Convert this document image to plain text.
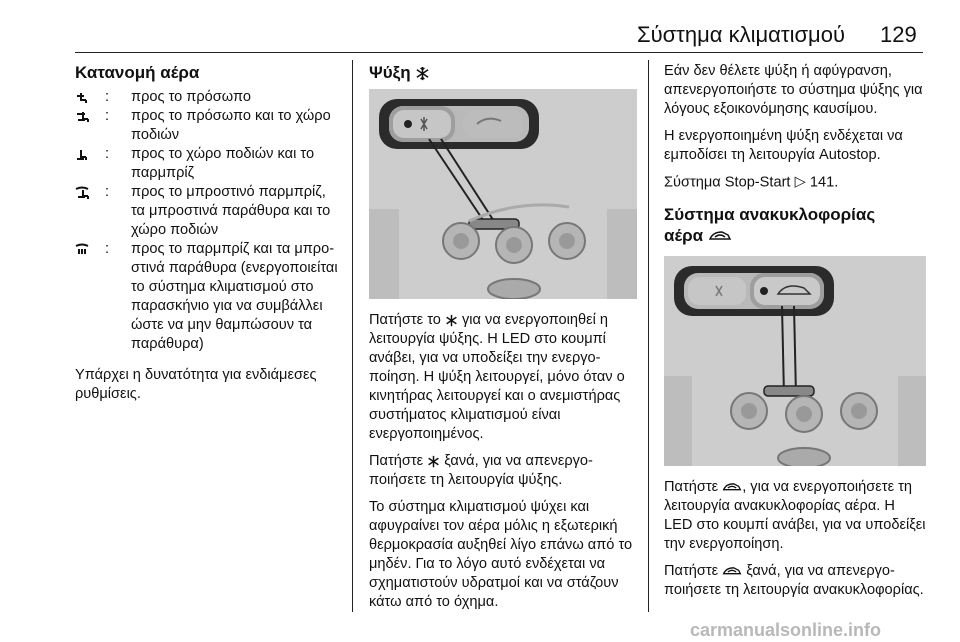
Σύστημα κλιματισμού 129
Κατανομή αέρα
: προς το πρόσωπο
: προς το πρόσωπο και το χώρο ποδιών
: προς το χώρο ποδιών και το παρμπρίζ
: προς το μπροστινό παρμπρίζ, τα μπροστινά παράθυρα και το χώρο ποδιών
: προς το παρμπρίζ και τα μπροστινά παράθυρα (ενεργοποιείται το σύστημα κλιματισμού στο παρασκήνιο για να συμβάλλει ώστε να μην θαμπώσουν τα παράθυρα)

Υπάρχει η δυνατότητα για ενδιάμεσες ρυθμίσεις.

Ψύξη

Πατήστε το για να ενεργοποιηθεί η λειτουργία ψύξης. Η LED στο κουμπί ανάβει, για να υποδείξει την ενεργοποίηση. Η ψύξη λειτουργεί, μόνο όταν ο κινητήρας λειτουργεί και ο ανεμιστήρας συστήματος κλιματισμού είναι ενεργοποιημένος.

Πατήστε ξανά, για να απενεργοποιήσετε τη λειτουργία ψύξης.

Το σύστημα κλιματισμού ψύχει και αφυγραίνει τον αέρα μόλις η εξωτερική θερμοκρασία αυξηθεί λίγο επάνω από το μηδέν. Για το λόγο αυτό ενδέχεται να σχηματιστούν υδρατμοί και να στάζουν κάτω από το όχημα.

Εάν δεν θέλετε ψύξη ή αφύγρανση, απενεργοποιήστε το σύστημα ψύξης για λόγους εξοικονόμησης καυσίμου.

Η ενεργοποιημένη ψύξη ενδέχεται να εμποδίσει τη λειτουργία Autostop.

Σύστημα Stop-Start ▷ 141.

Σύστημα ανακυκλοφορίας
αέρα

Πατήστε , για να ενεργοποιήσετε τη λειτουργία ανακυκλοφορίας αέρα. Η LED στο κουμπί ανάβει, για να υποδείξει την ενεργοποίηση.

Πατήστε ξανά, για να απενεργοποιήσετε τη λειτουργία ανακυκλοφορίας.

carmanualsonline.info
